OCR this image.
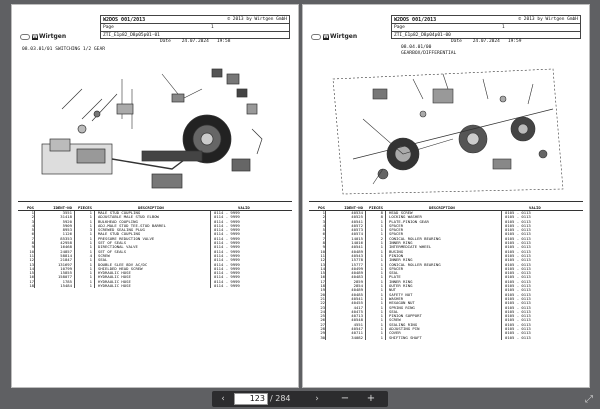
WWirtgen
W2DOS 001/2013	© 2013 by Wirtgen GmbH
Page	1
ZTI_E1p82_D8p05p01-01
Date 24.07.2024 19:58
08.03.01/01 SWITCHING 1/2 GEAR
POS	IDENT-NO	PIECES	DESCRIPTION	VALID
1	3551	1 MALE STUD COUPLING	0114 - 9999
2	31418	1 ADJUSTABLE MALE STUD ELBOW	0114 - 9999
3	5920	1 BULKHEAD COUPLING	0114 - 9999
4	5909	1 ADJ.MALE STUD TEE-STUD BARREL	0114 - 9999
5	8953	3 SCREWED SEALING PLUG	0114 - 9999
6	1126	1 MALE STUD COUPLING	0114 - 9999
7	85353	1 PRESSURE REDUCTION VALVE	0114 - 9999
8	42958	1 SET OF SEALS	0114 - 9999
9	16468	1 DIRECTIONAL VALVE	0114 - 9999
10	24857	1 SET OF SEALS	0114 - 9999
11	58814	4 SCREW	0114 - 9999
12	21847	1 SEAL	0114 - 9999
13	131697	1 DOUBLE SLEE 8DV AC/DC	0114 - 9999
14	10799	1 SHIELDED HEAD SCREW	0114 - 9999
15	15855	1 HYDRAULIC HOSE	0114 - 9999
16	158077	1 HYDRAULIC HOSE	0114 - 9999
17	1785	1 HYDRAULIC HOSE	0114 - 9999
18	15484	1 HYDRAULIC HOSE	0114 - 9999
WWirtgen
W2DOS 001/2013	© 2013 by Wirtgen GmbH
Page	1
ZTI_E1p82_D8p04p01-00
Date 24.07.2024 19:59
08.04.01/00
GEARBOX/DIFFERENTIAL
POS	IDENT-NO	PIECES	DESCRIPTION	VALID
1	40534	8 HEAD SCREW	0105 - 0113
2	40525	8 LOCKING WASHER	0105 - 0113
3	40541	1 PLATE-PINION GEAR	0105 - 0113
4	40572	1 SPACER	0105 - 0113
5	40573	1 SPACER	0105 - 0113
6	40574	1 SPACER	0105 - 0113
7	14015	2 CONICAL ROLLER BEARING	0105 - 0113
8	14016	1 INNER RING	0105 - 0113
9	40541	1 INTERMEDIATE WHEEL	0105 - 0113
10	40489	1 BUSING	0105 - 0113
11	40543	1 PINION	0105 - 0113
12	15778	1 INNER RING	0105 - 0113
13	15777	1 CONICAL ROLLER BEARING	0105 - 0113
14	40499	1 SPACER	0105 - 0113
15	40489	1 SEAL	0105 - 0113
16	40483	1 PLATE	0105 - 0113
17	2859	1 INNER RING	0105 - 0113
18	2854	1 OUTER RING	0105 - 0113
19	40489	1 NUT	0105 - 0113
20	40485	1 SAFETY NUT	0105 - 0113
21	40541	1 WASHER	0105 - 0113
22	40455	1 HEXAGON NUT	0105 - 0113
23	4417	1 SPRING RING	0105 - 0113
24	40475	1 SEAL	0105 - 0113
25	40713	1 PINION SUPPORT	0105 - 0113
26	40548	1 SCREW	0105 - 0113
27	4551	1 SEALING RING	0105 - 0113
28	40547	1 ADJUSTING PIN	0105 - 0113
29	40711	1 COVER	0105 - 0113
30	34082	1 SHIFTING SHAFT	0105 - 0113
‹	123 / 284	›	−	+	⤢
